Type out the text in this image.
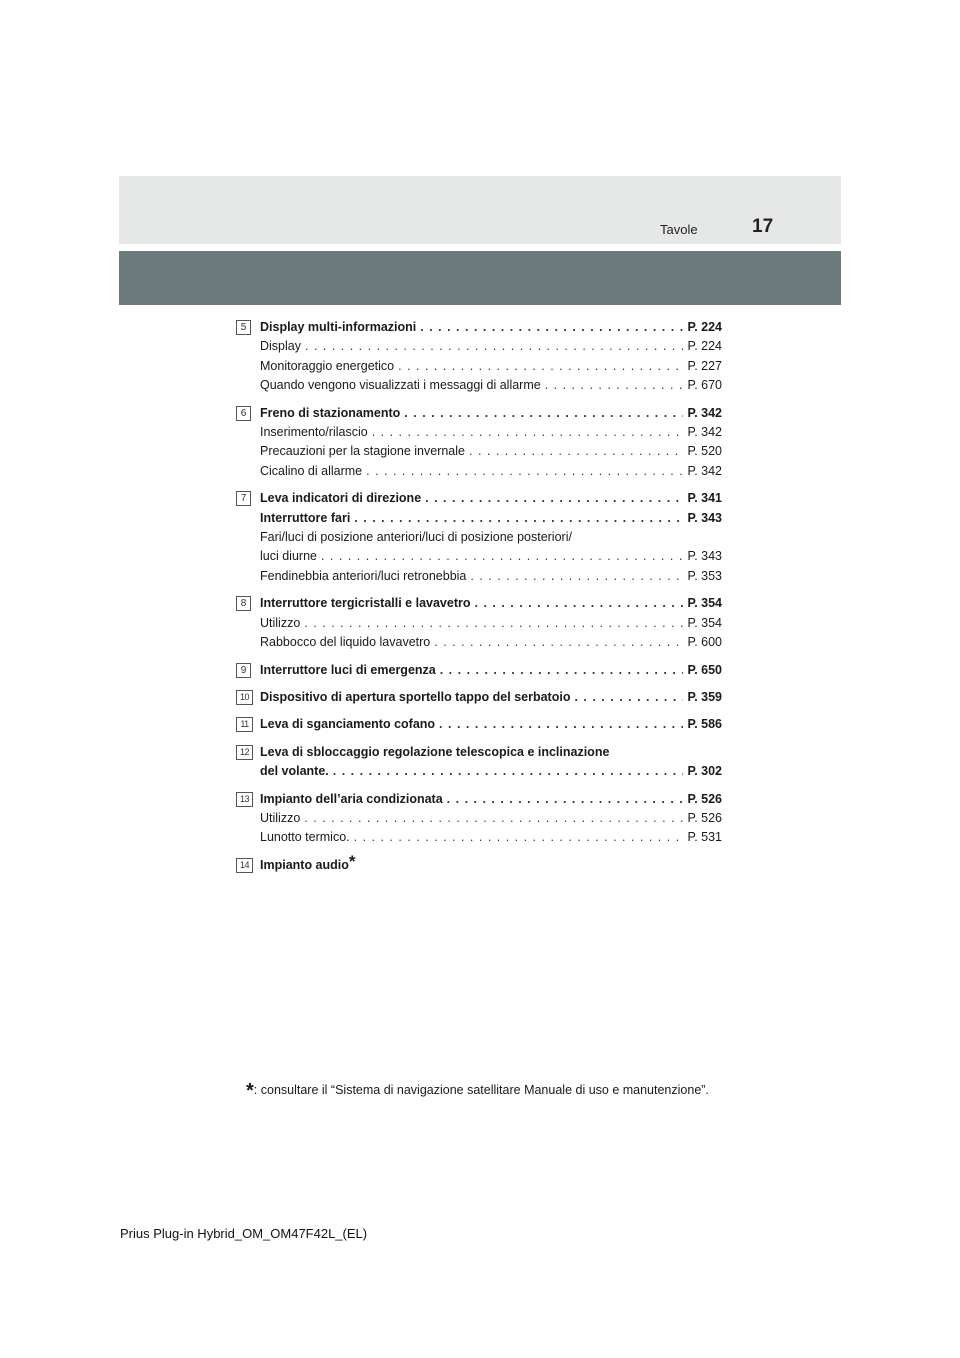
Tavole	17
5	Display multi-informazioni . . .	P. 224
Display . . .	P. 224
Monitoraggio energetico . . .	P. 227
Quando vengono visualizzati i messaggi di allarme . . .	P. 670
6	Freno di stazionamento . . .	P. 342
Inserimento/rilascio . . .	P. 342
Precauzioni per la stagione invernale . . .	P. 520
Cicalino di allarme . . .	P. 342
7	Leva indicatori di direzione . . .	P. 341
Interruttore fari . . .	P. 343
Fari/luci di posizione anteriori/luci di posizione posteriori/
luci diurne . . .	P. 343
Fendinebbia anteriori/luci retronebbia . . .	P. 353
8	Interruttore tergicristalli e lavavetro . . .	P. 354
Utilizzo . . .	P. 354
Rabbocco del liquido lavavetro . . .	P. 600
9	Interruttore luci di emergenza . . .	P. 650
10 Dispositivo di apertura sportello tappo del serbatoio . . .	P. 359
11 Leva di sganciamento cofano . . .	P. 586
12 Leva di sbloccaggio regolazione telescopica e inclinazione
del volante. . . .	P. 302
13 Impianto dell’aria condizionata . . .	P. 526
Utilizzo . . .	P. 526
Lunotto termico. . . .	P. 531
14 Impianto audio*
*: consultare il “Sistema di navigazione satellitare Manuale di uso e manutenzione”.
Prius Plug-in Hybrid_OM_OM47F42L_(EL)
